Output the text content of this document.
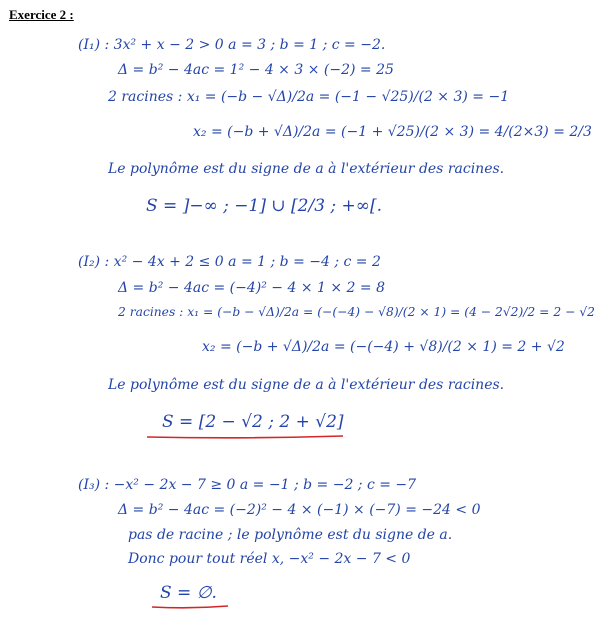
Exercice 2 :
(I₁) : 3x² + x − 2 > 0 a = 3 ; b = 1 ; c = −2.
Δ = b² − 4ac = 1² − 4 × 3 × (−2) = 25
2 racines : x₁ = (−b − √Δ)/2a = (−1 − √25)/(2 × 3) = −1
x₂ = (−b + √Δ)/2a = (−1 + √25)/(2 × 3) = 4/(2×3) = 2/3
Le polynôme est du signe de a à l'extérieur des racines.
S = ]−∞ ; −1] ∪ [2/3 ; +∞[.
(I₂) : x² − 4x + 2 ≤ 0 a = 1 ; b = −4 ; c = 2
Δ = b² − 4ac = (−4)² − 4 × 1 × 2 = 8
2 racines : x₁ = (−b − √Δ)/2a = (−(−4) − √8)/(2 × 1) = (4 − 2√2)/2 = 2 − √2
x₂ = (−b + √Δ)/2a = (−(−4) + √8)/(2 × 1) = 2 + √2
Le polynôme est du signe de a à l'extérieur des racines.
S = [2 − √2 ; 2 + √2]
(I₃) : −x² − 2x − 7 ≥ 0 a = −1 ; b = −2 ; c = −7
Δ = b² − 4ac = (−2)² − 4 × (−1) × (−7) = −24 < 0
pas de racine ; le polynôme est du signe de a.
Donc pour tout réel x, −x² − 2x − 7 < 0
S = ∅.
